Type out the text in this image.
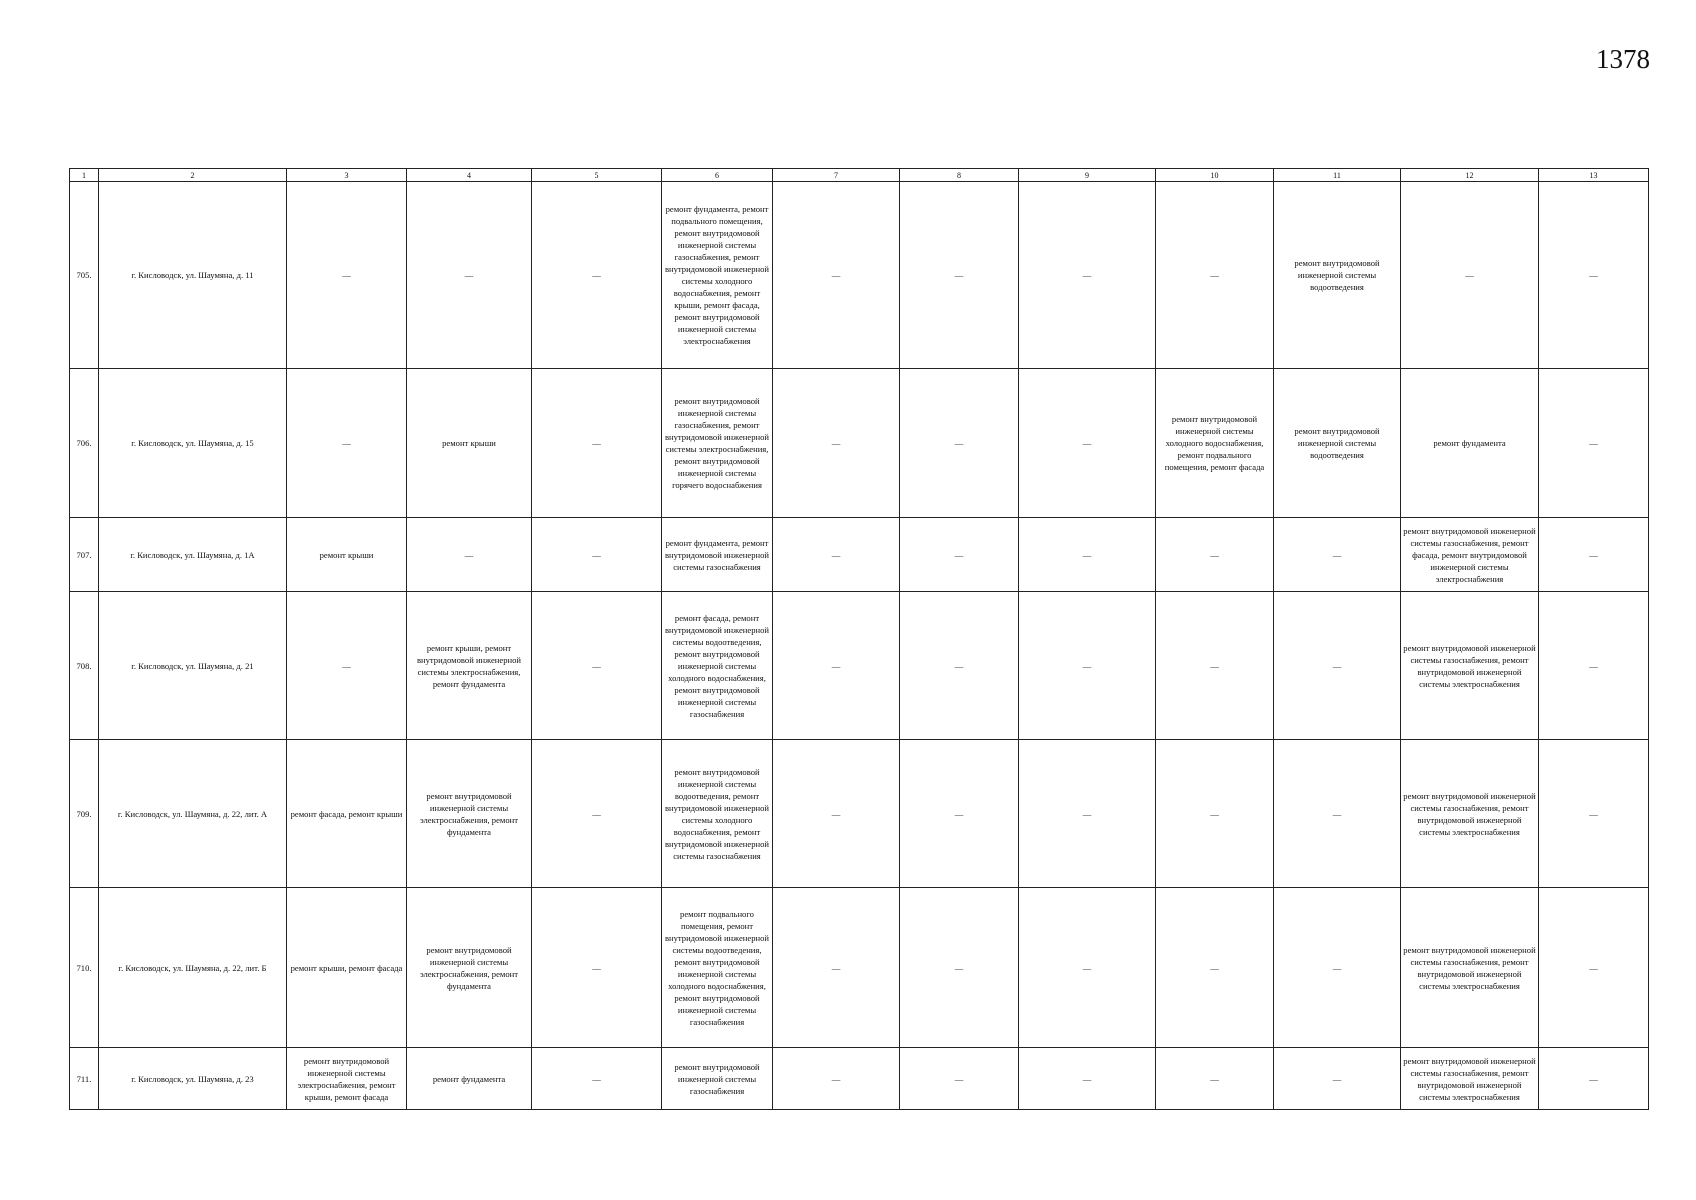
1378
1	2	3	4	5	6	7	8	9	10	11	12	13
705.	г. Кисловодск, ул. Шаумяна, д. 11	—	—	—	ремонт фундамента, ремонт подвального помещения, ремонт внутридомовой инженерной системы газоснабжения, ремонт внутридомовой инженерной системы холодного водоснабжения, ремонт крыши, ремонт фасада, ремонт внутридомовой инженерной системы электроснабжения	—	—	—	—	ремонт внутридомовой инженерной системы водоотведения	—	—
706.	г. Кисловодск, ул. Шаумяна, д. 15	—	ремонт крыши	—	ремонт внутридомовой инженерной системы газоснабжения, ремонт внутридомовой инженерной системы электроснабжения, ремонт внутридомовой инженерной системы горячего водоснабжения	—	—	—	ремонт внутридомовой инженерной системы холодного водоснабжения, ремонт подвального помещения, ремонт фасада	ремонт внутридомовой инженерной системы водоотведения	ремонт фундамента	—
707.	г. Кисловодск, ул. Шаумяна, д. 1А	ремонт крыши	—	—	ремонт фундамента, ремонт внутридомовой инженерной системы газоснабжения	—	—	—	—	—	ремонт внутридомовой инженерной системы газоснабжения, ремонт фасада, ремонт внутридомовой инженерной системы электроснабжения	—
708.	г. Кисловодск, ул. Шаумяна, д. 21	—	ремонт крыши, ремонт внутридомовой инженерной системы электроснабжения, ремонт фундамента	—	ремонт фасада, ремонт внутридомовой инженерной системы водоотведения, ремонт внутридомовой инженерной системы холодного водоснабжения, ремонт внутридомовой инженерной системы газоснабжения	—	—	—	—	—	ремонт внутридомовой инженерной системы газоснабжения, ремонт внутридомовой инженерной системы электроснабжения	—
709.	г. Кисловодск, ул. Шаумяна, д. 22, лит. А	ремонт фасада, ремонт крыши	ремонт внутридомовой инженерной системы электроснабжения, ремонт фундамента	—	ремонт внутридомовой инженерной системы водоотведения, ремонт внутридомовой инженерной системы холодного водоснабжения, ремонт внутридомовой инженерной системы газоснабжения	—	—	—	—	—	ремонт внутридомовой инженерной системы газоснабжения, ремонт внутридомовой инженерной системы электроснабжения	—
710.	г. Кисловодск, ул. Шаумяна, д. 22, лит. Б	ремонт крыши, ремонт фасада	ремонт внутридомовой инженерной системы электроснабжения, ремонт фундамента	—	ремонт подвального помещения, ремонт внутридомовой инженерной системы водоотведения, ремонт внутридомовой инженерной системы холодного водоснабжения, ремонт внутридомовой инженерной системы газоснабжения	—	—	—	—	—	ремонт внутридомовой инженерной системы газоснабжения, ремонт внутридомовой инженерной системы электроснабжения	—
711.	г. Кисловодск, ул. Шаумяна, д. 23	ремонт внутридомовой инженерной системы электроснабжения, ремонт крыши, ремонт фасада	ремонт фундамента	—	ремонт внутридомовой инженерной системы газоснабжения	—	—	—	—	—	ремонт внутридомовой инженерной системы газоснабжения, ремонт внутридомовой инженерной системы электроснабжения	—
